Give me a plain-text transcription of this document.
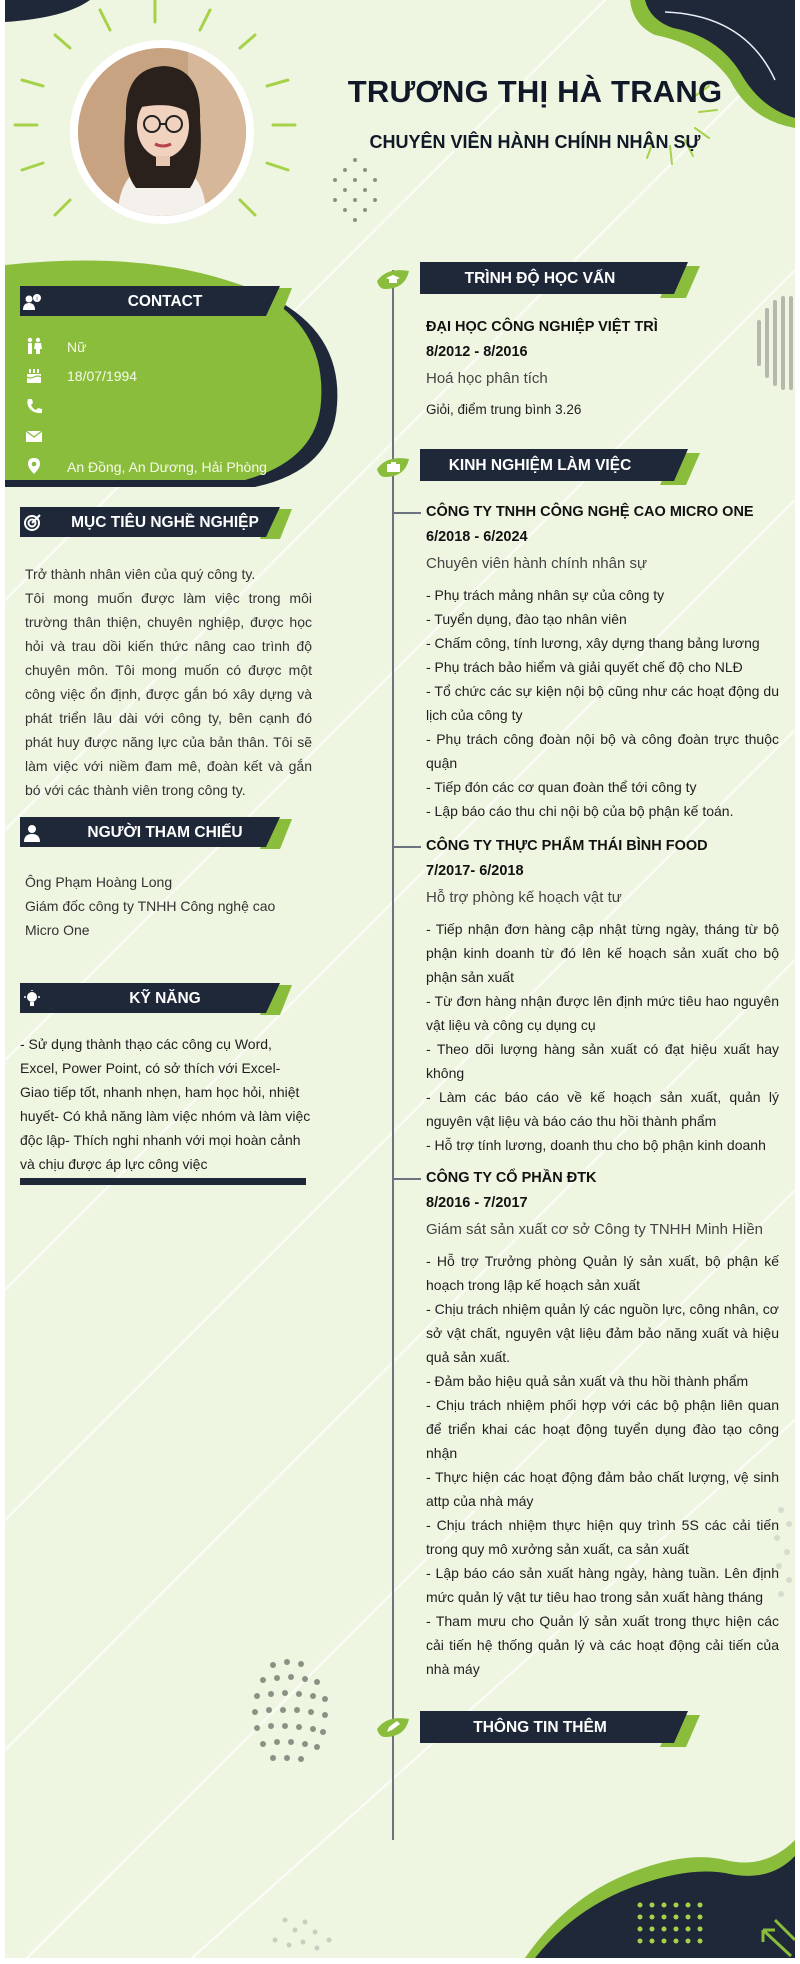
TRƯƠNG THỊ HÀ TRANG
CHUYÊN VIÊN HÀNH CHÍNH NHÂN SỰ
i	CONTACT
Nữ
18/07/1994
An Đồng, An Dương, Hải Phòng
MỤC TIÊU NGHỀ NGHIỆP
Trở thành nhân viên của quý công ty.
Tôi mong muốn được làm việc trong môi trường thân thiện, chuyên nghiệp, được học hỏi và trau dồi kiến thức nâng cao trình độ chuyên môn. Tôi mong muốn có được một công việc ổn định, được gắn bó xây dựng và phát triển lâu dài với công ty, bên cạnh đó phát huy được năng lực của bản thân. Tôi sẽ làm việc với niềm đam mê, đoàn kết và gắn bó với các thành viên trong công ty.
NGƯỜI THAM CHIẾU
Ông Phạm Hoàng Long
Giám đốc công ty TNHH Công nghệ cao Micro One
KỸ NĂNG
- Sử dụng thành thạo các công cụ Word, Excel, Power Point, có sở thích với Excel- Giao tiếp tốt, nhanh nhẹn, ham học hỏi, nhiệt huyết- Có khả năng làm việc nhóm và làm việc độc lập- Thích nghi nhanh với mọi hoàn cảnh và chịu được áp lực công việc
TRÌNH ĐỘ HỌC VẤN
ĐẠI HỌC CÔNG NGHIỆP VIỆT TRÌ
8/2012 - 8/2016
Hoá học phân tích
Giỏi, điểm trung bình 3.26
KINH NGHIỆM LÀM VIỆC
CÔNG TY TNHH CÔNG NGHỆ CAO MICRO ONE
6/2018 - 6/2024
Chuyên viên hành chính nhân sự
- Phụ trách mảng nhân sự của công ty
- Tuyển dụng, đào tạo nhân viên
- Chấm công, tính lương, xây dựng thang bảng lương
- Phụ trách bảo hiểm và giải quyết chế độ cho NLĐ
- Tổ chức các sự kiện nội bộ cũng như các hoạt động du lịch của công ty
- Phụ trách công đoàn nội bộ và công đoàn trực thuộc quận
- Tiếp đón các cơ quan đoàn thể tới công ty
- Lập báo cáo thu chi nội bộ của bộ phận kế toán.
CÔNG TY THỰC PHẨM THÁI BÌNH FOOD
7/2017- 6/2018
Hỗ trợ phòng kế hoạch vật tư
- Tiếp nhận đơn hàng cập nhật từng ngày, tháng từ bộ phận kinh doanh từ đó lên kế hoạch sản xuất cho bộ phận sản xuất
- Từ đơn hàng nhận được lên định mức tiêu hao nguyên vật liệu và công cụ dụng cụ
- Theo dõi lượng hàng sản xuất có đạt hiệu xuất hay không
- Làm các báo cáo về kế hoạch sản xuất, quản lý nguyên vật liệu và báo cáo thu hồi thành phẩm
- Hỗ trợ tính lương, doanh thu cho bộ phận kinh doanh
CÔNG TY CỔ PHẦN ĐTK
8/2016 - 7/2017
Giám sát sản xuất cơ sở Công ty TNHH Minh Hiền
- Hỗ trợ Trưởng phòng Quản lý sản xuất, bộ phận kế hoạch trong lập kế hoạch sản xuất
- Chịu trách nhiệm quản lý các nguồn lực, công nhân, cơ sở vật chất, nguyên vật liệu đảm bảo năng xuất và hiệu quả sản xuất.
- Đảm bảo hiệu quả sản xuất và thu hồi thành phẩm
- Chịu trách nhiệm phối hợp với các bộ phận liên quan để triển khai các hoạt động tuyển dụng đào tạo công nhận
- Thực hiện các hoạt động đảm bảo chất lượng, vệ sinh attp của nhà máy
- Chịu trách nhiệm thực hiện quy trình 5S các cải tiến trong quy mô xưởng sản xuất, ca sản xuất
- Lập báo cáo sản xuất hàng ngày, hàng tuần. Lên định mức quản lý vật tư tiêu hao trong sản xuất hàng tháng
- Tham mưu cho Quản lý sản xuất trong thực hiện các cải tiến hệ thống quản lý và các hoạt động cải tiến của nhà máy
THÔNG TIN THÊM
